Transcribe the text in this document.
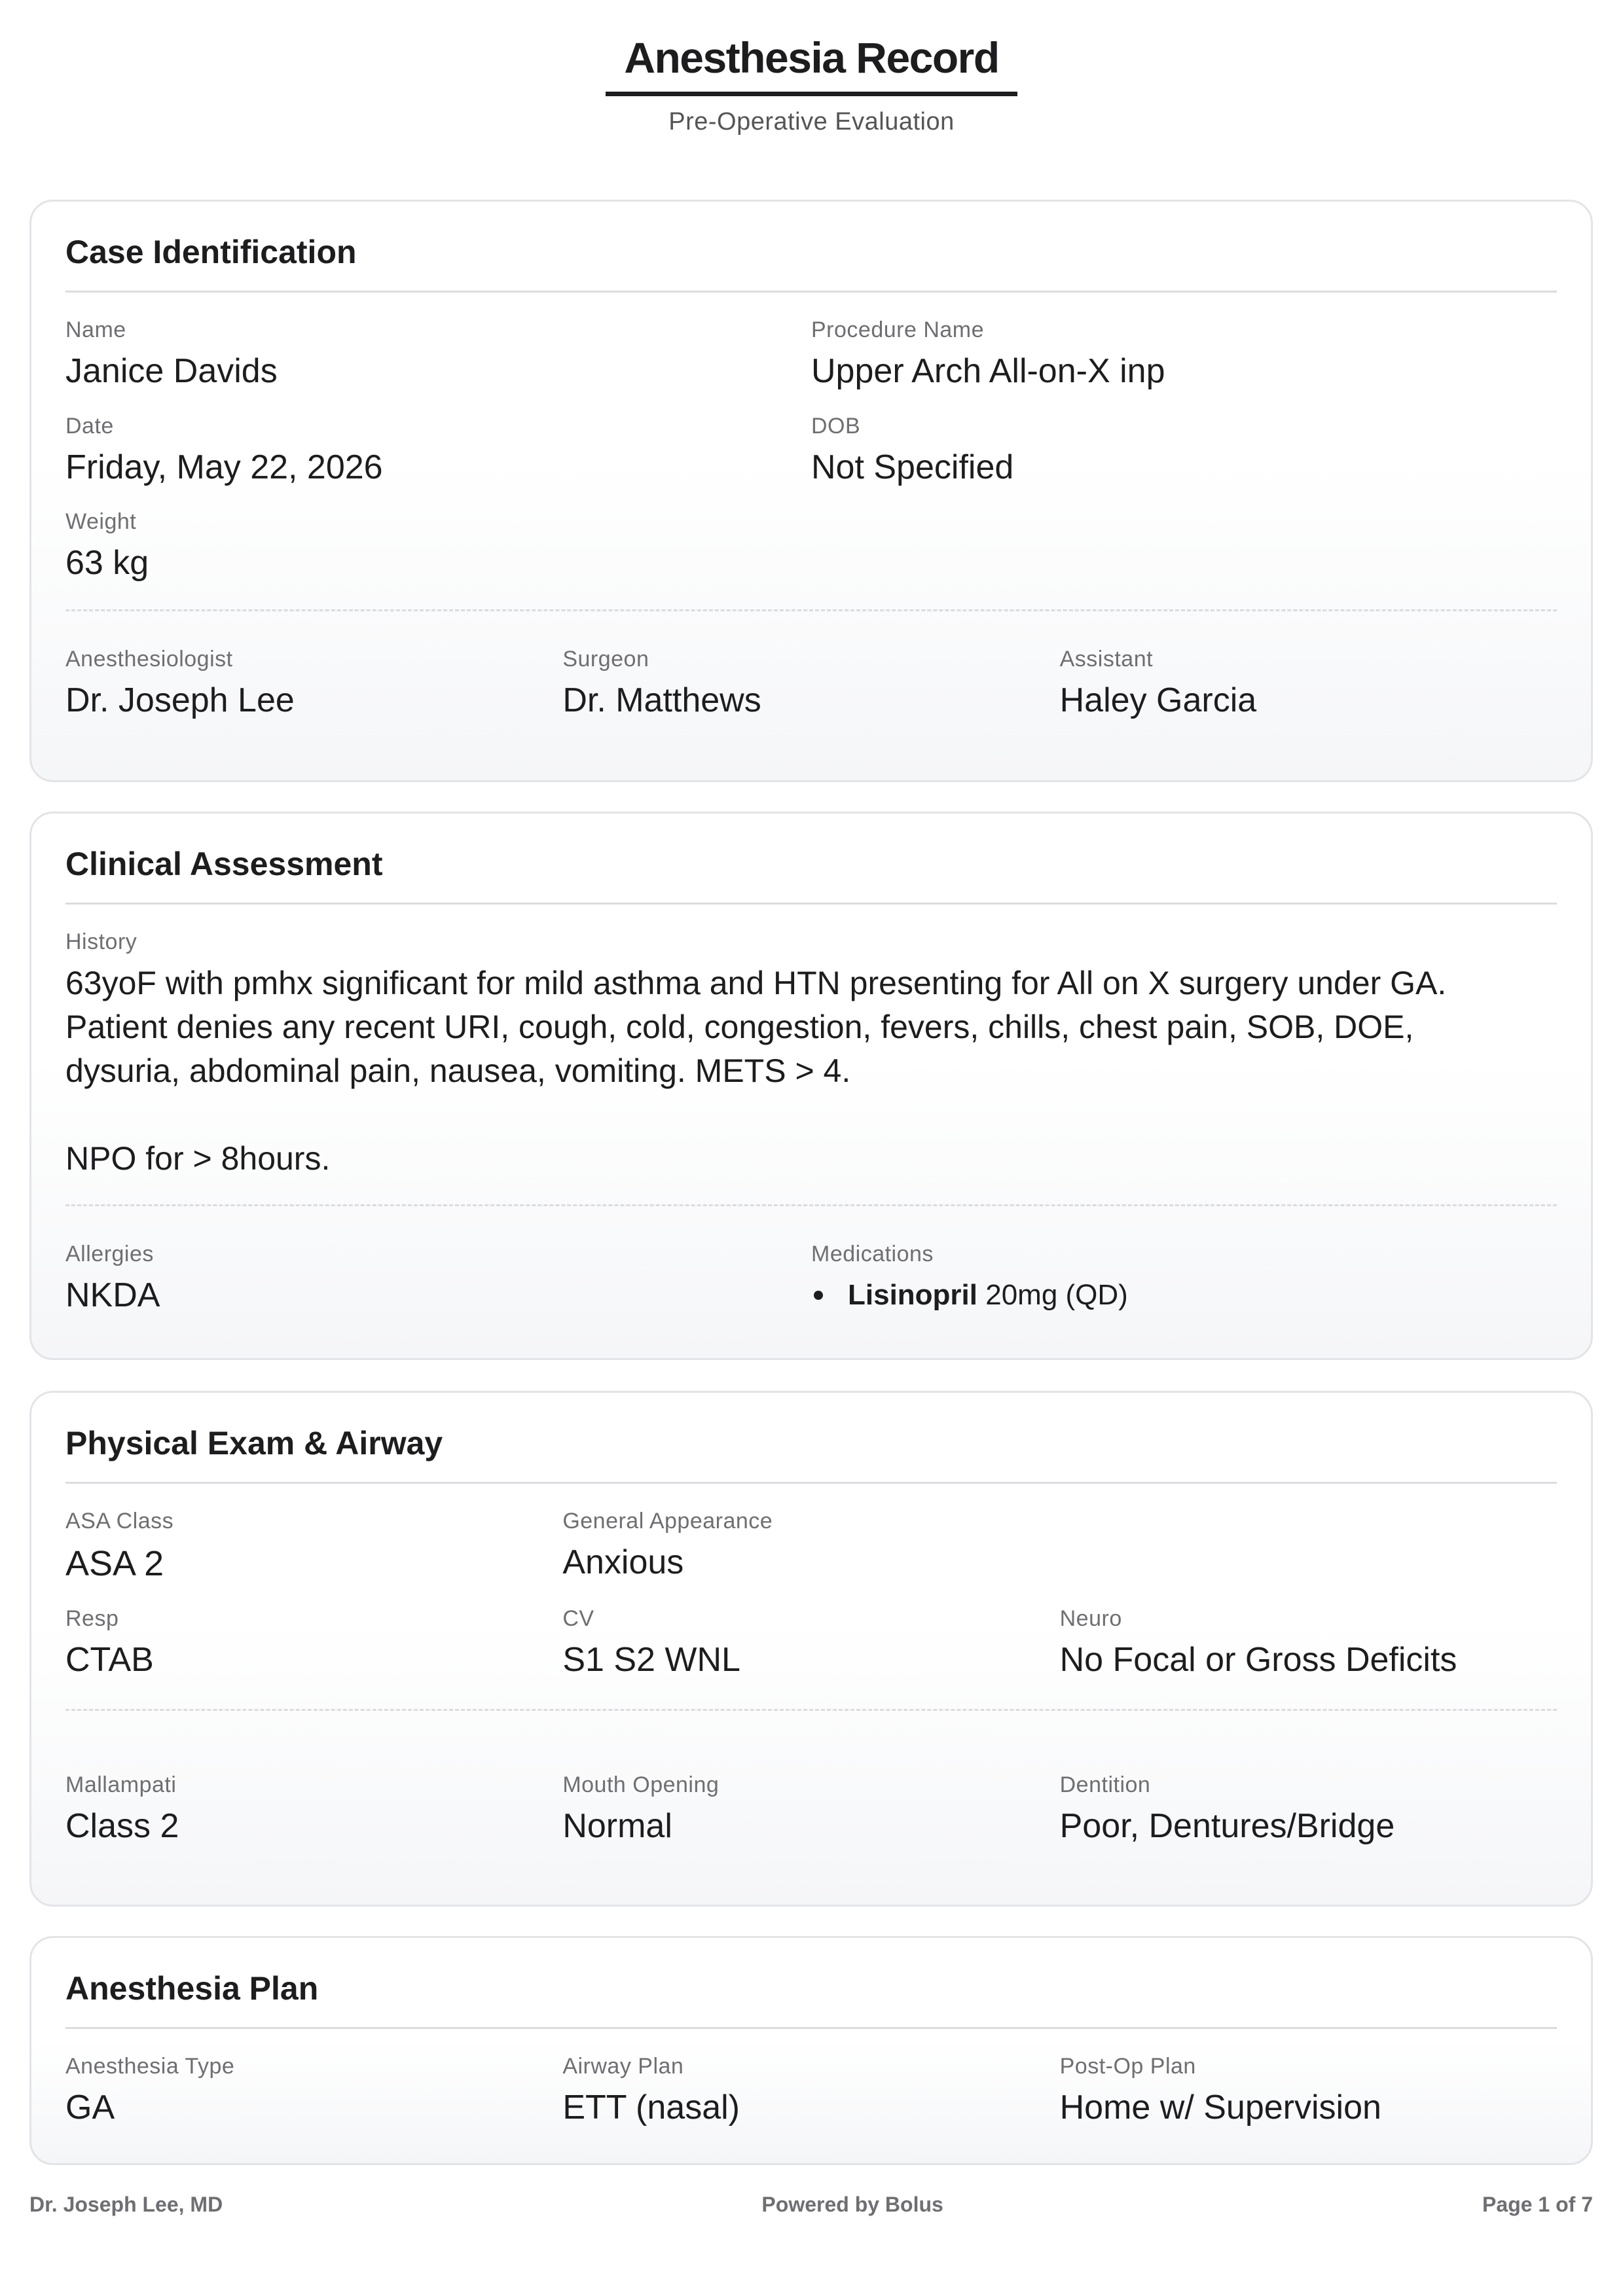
Anesthesia Record
Pre-Operative Evaluation
Case Identification
Name
Janice Davids
Procedure Name
Upper Arch All-on-X inp
Date
Friday, May 22, 2026
DOB
Not Specified
Weight
63 kg
Anesthesiologist
Dr. Joseph Lee
Surgeon
Dr. Matthews
Assistant
Haley Garcia
Clinical Assessment
History
63yoF with pmhx significant for mild asthma and HTN presenting for All on X surgery under GA.
Patient denies any recent URI, cough, cold, congestion, fevers, chills, chest pain, SOB, DOE,
dysuria, abdominal pain, nausea, vomiting. METS > 4.

NPO for > 8hours.
Allergies
NKDA
Medications
Lisinopril 20mg (QD)
Physical Exam & Airway
ASA Class
ASA 2
General Appearance
Anxious
Resp
CTAB
CV
S1 S2 WNL
Neuro
No Focal or Gross Deficits
Mallampati
Class 2
Mouth Opening
Normal
Dentition
Poor, Dentures/Bridge
Anesthesia Plan
Anesthesia Type
GA
Airway Plan
ETT (nasal)
Post-Op Plan
Home w/ Supervision
Dr. Joseph Lee, MD	Powered by Bolus	Page 1 of 7
